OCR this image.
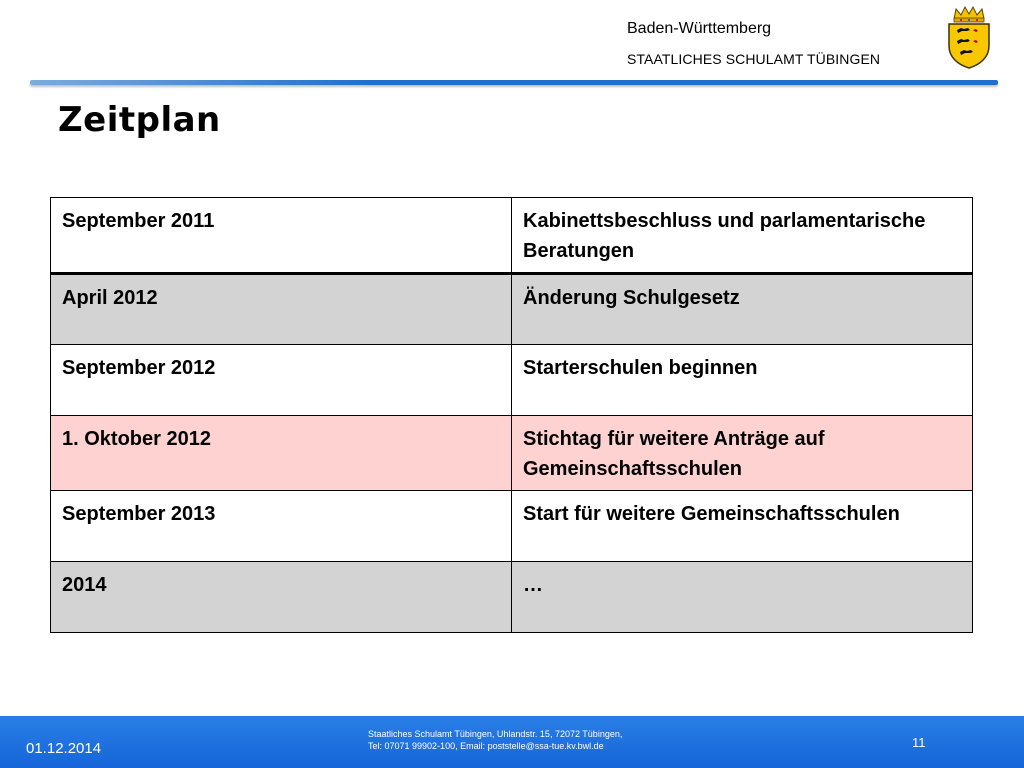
Baden-Württemberg
STAATLICHES SCHULAMT TÜBINGEN
Zeitplan
September 2011	Kabinettsbeschluss und parlamentarische Beratungen
April 2012	Änderung Schulgesetz
September 2012	Starterschulen beginnen
1. Oktober 2012	Stichtag für weitere Anträge auf Gemeinschaftsschulen
September 2013	Start für weitere Gemeinschaftsschulen
2014	…
01.12.2014
Staatliches Schulamt Tübingen, Uhlandstr. 15, 72072 Tübingen,
Tel: 07071 99902-100, Email: poststelle@ssa-tue.kv.bwl.de	11
